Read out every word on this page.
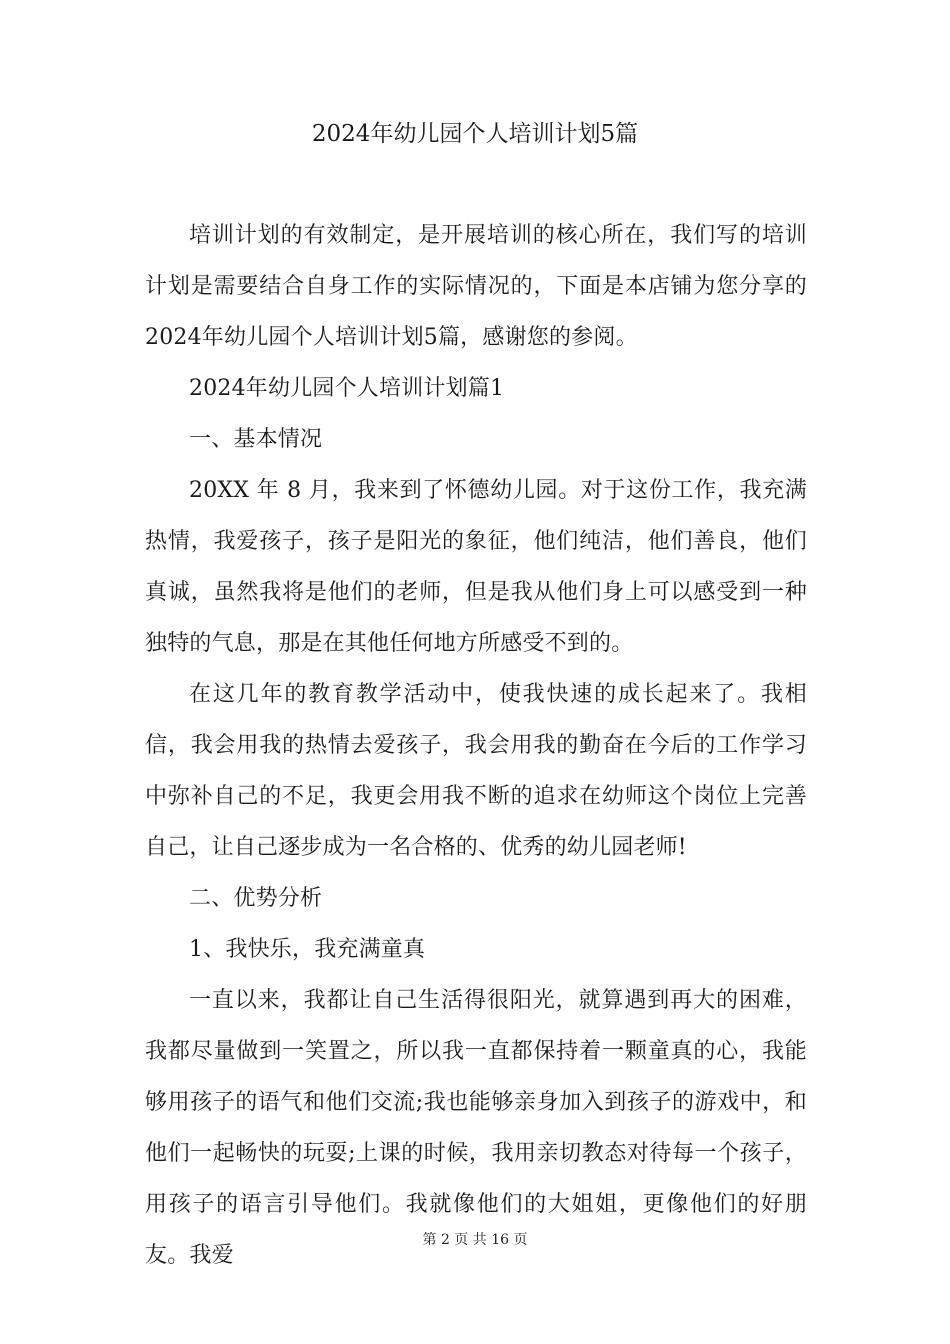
2024年幼儿园个人培训计划5篇

培训计划的有效制定，是开展培训的核心所在，我们写的培训计划是需要结合自身工作的实际情况的，下面是本店铺为您分享的2024年幼儿园个人培训计划5篇，感谢您的参阅。

2024年幼儿园个人培训计划篇1

一、基本情况

20XX 年 8 月，我来到了怀德幼儿园。对于这份工作，我充满热情，我爱孩子，孩子是阳光的象征，他们纯洁，他们善良，他们真诚，虽然我将是他们的老师，但是我从他们身上可以感受到一种独特的气息，那是在其他任何地方所感受不到的。

在这几年的教育教学活动中，使我快速的成长起来了。我相信，我会用我的热情去爱孩子，我会用我的勤奋在今后的工作学习中弥补自己的不足，我更会用我不断的追求在幼师这个岗位上完善自己，让自己逐步成为一名合格的、优秀的幼儿园老师!

二、优势分析

1、我快乐，我充满童真

一直以来，我都让自己生活得很阳光，就算遇到再大的困难，我都尽量做到一笑置之，所以我一直都保持着一颗童真的心，我能够用孩子的语气和他们交流;我也能够亲身加入到孩子的游戏中，和他们一起畅快的玩耍;上课的时候，我用亲切教态对待每一个孩子，用孩子的语言引导他们。我就像他们的大姐姐，更像他们的好朋友。我爱

第 2 页 共 16 页
